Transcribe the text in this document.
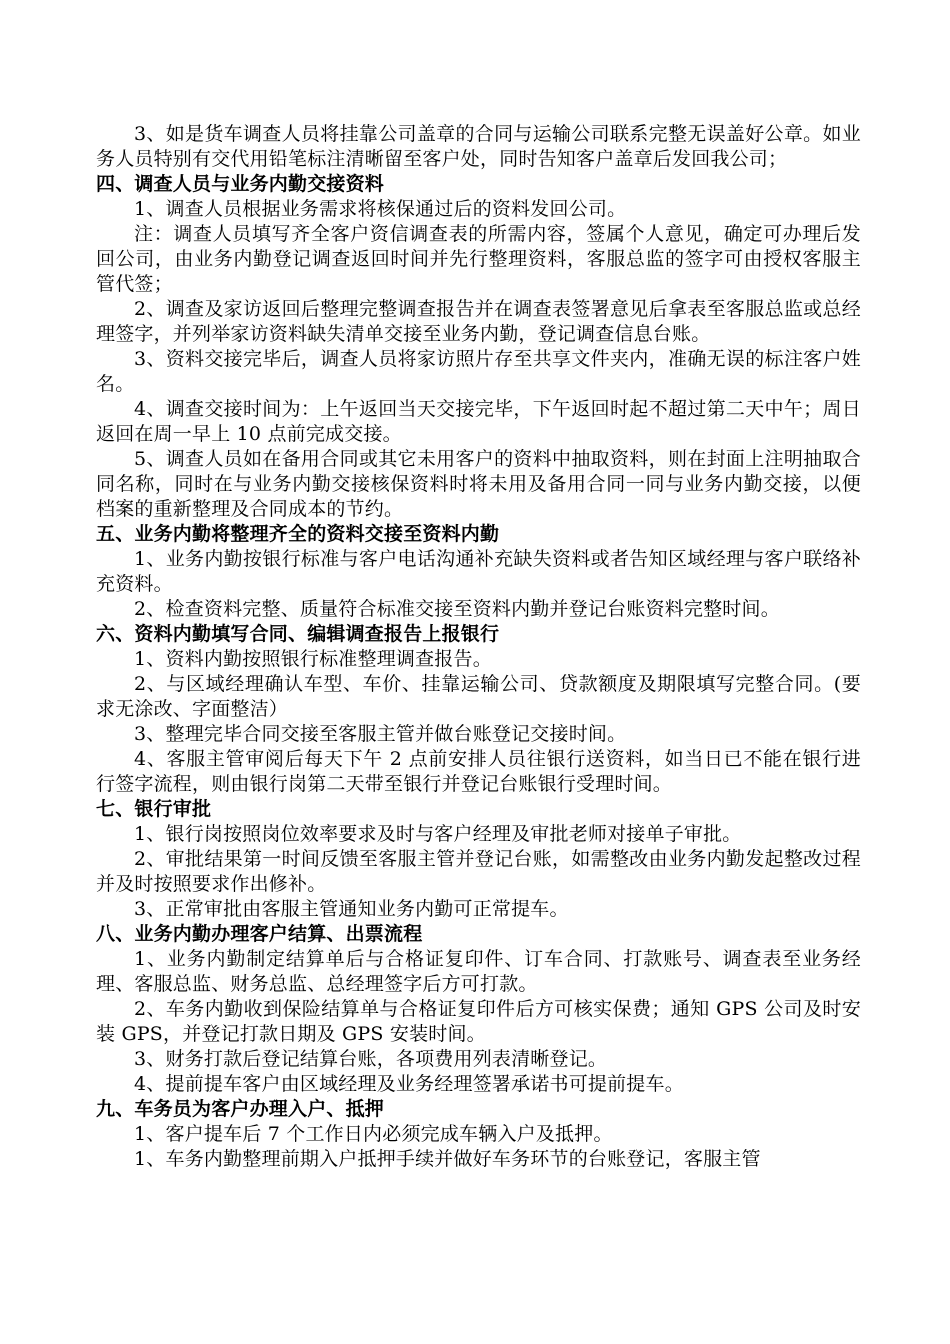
3、如是货车调查人员将挂靠公司盖章的合同与运输公司联系完整无误盖好公章。如业务人员特别有交代用铅笔标注清晰留至客户处，同时告知客户盖章后发回我公司；

四、调查人员与业务内勤交接资料

1、调查人员根据业务需求将核保通过后的资料发回公司。

注：调查人员填写齐全客户资信调查表的所需内容，签属个人意见，确定可办理后发回公司，由业务内勤登记调查返回时间并先行整理资料，客服总监的签字可由授权客服主管代签；

2、调查及家访返回后整理完整调查报告并在调查表签署意见后拿表至客服总监或总经理签字，并列举家访资料缺失清单交接至业务内勤，登记调查信息台账。

3、资料交接完毕后，调查人员将家访照片存至共享文件夹内，准确无误的标注客户姓名。

4、调查交接时间为：上午返回当天交接完毕，下午返回时起不超过第二天中午；周日返回在周一早上 10 点前完成交接。

5、调查人员如在备用合同或其它未用客户的资料中抽取资料，则在封面上注明抽取合同名称，同时在与业务内勤交接核保资料时将未用及备用合同一同与业务内勤交接，以便档案的重新整理及合同成本的节约。

五、业务内勤将整理齐全的资料交接至资料内勤

1、业务内勤按银行标准与客户电话沟通补充缺失资料或者告知区域经理与客户联络补充资料。

2、检查资料完整、质量符合标准交接至资料内勤并登记台账资料完整时间。

六、资料内勤填写合同、编辑调查报告上报银行

1、资料内勤按照银行标准整理调查报告。

2、与区域经理确认车型、车价、挂靠运输公司、贷款额度及期限填写完整合同。(要求无涂改、字面整洁）

3、整理完毕合同交接至客服主管并做台账登记交接时间。

4、客服主管审阅后每天下午 2 点前安排人员往银行送资料，如当日已不能在银行进行签字流程，则由银行岗第二天带至银行并登记台账银行受理时间。

七、银行审批

1、银行岗按照岗位效率要求及时与客户经理及审批老师对接单子审批。

2、审批结果第一时间反馈至客服主管并登记台账，如需整改由业务内勤发起整改过程并及时按照要求作出修补。

3、正常审批由客服主管通知业务内勤可正常提车。

八、业务内勤办理客户结算、出票流程

1、业务内勤制定结算单后与合格证复印件、订车合同、打款账号、调查表至业务经理、客服总监、财务总监、总经理签字后方可打款。

2、车务内勤收到保险结算单与合格证复印件后方可核实保费；通知 GPS 公司及时安装 GPS，并登记打款日期及 GPS 安装时间。

3、财务打款后登记结算台账，各项费用列表清晰登记。

4、提前提车客户由区域经理及业务经理签署承诺书可提前提车。

九、车务员为客户办理入户、抵押

1、客户提车后 7 个工作日内必须完成车辆入户及抵押。

1、车务内勤整理前期入户抵押手续并做好车务环节的台账登记，客服主管
